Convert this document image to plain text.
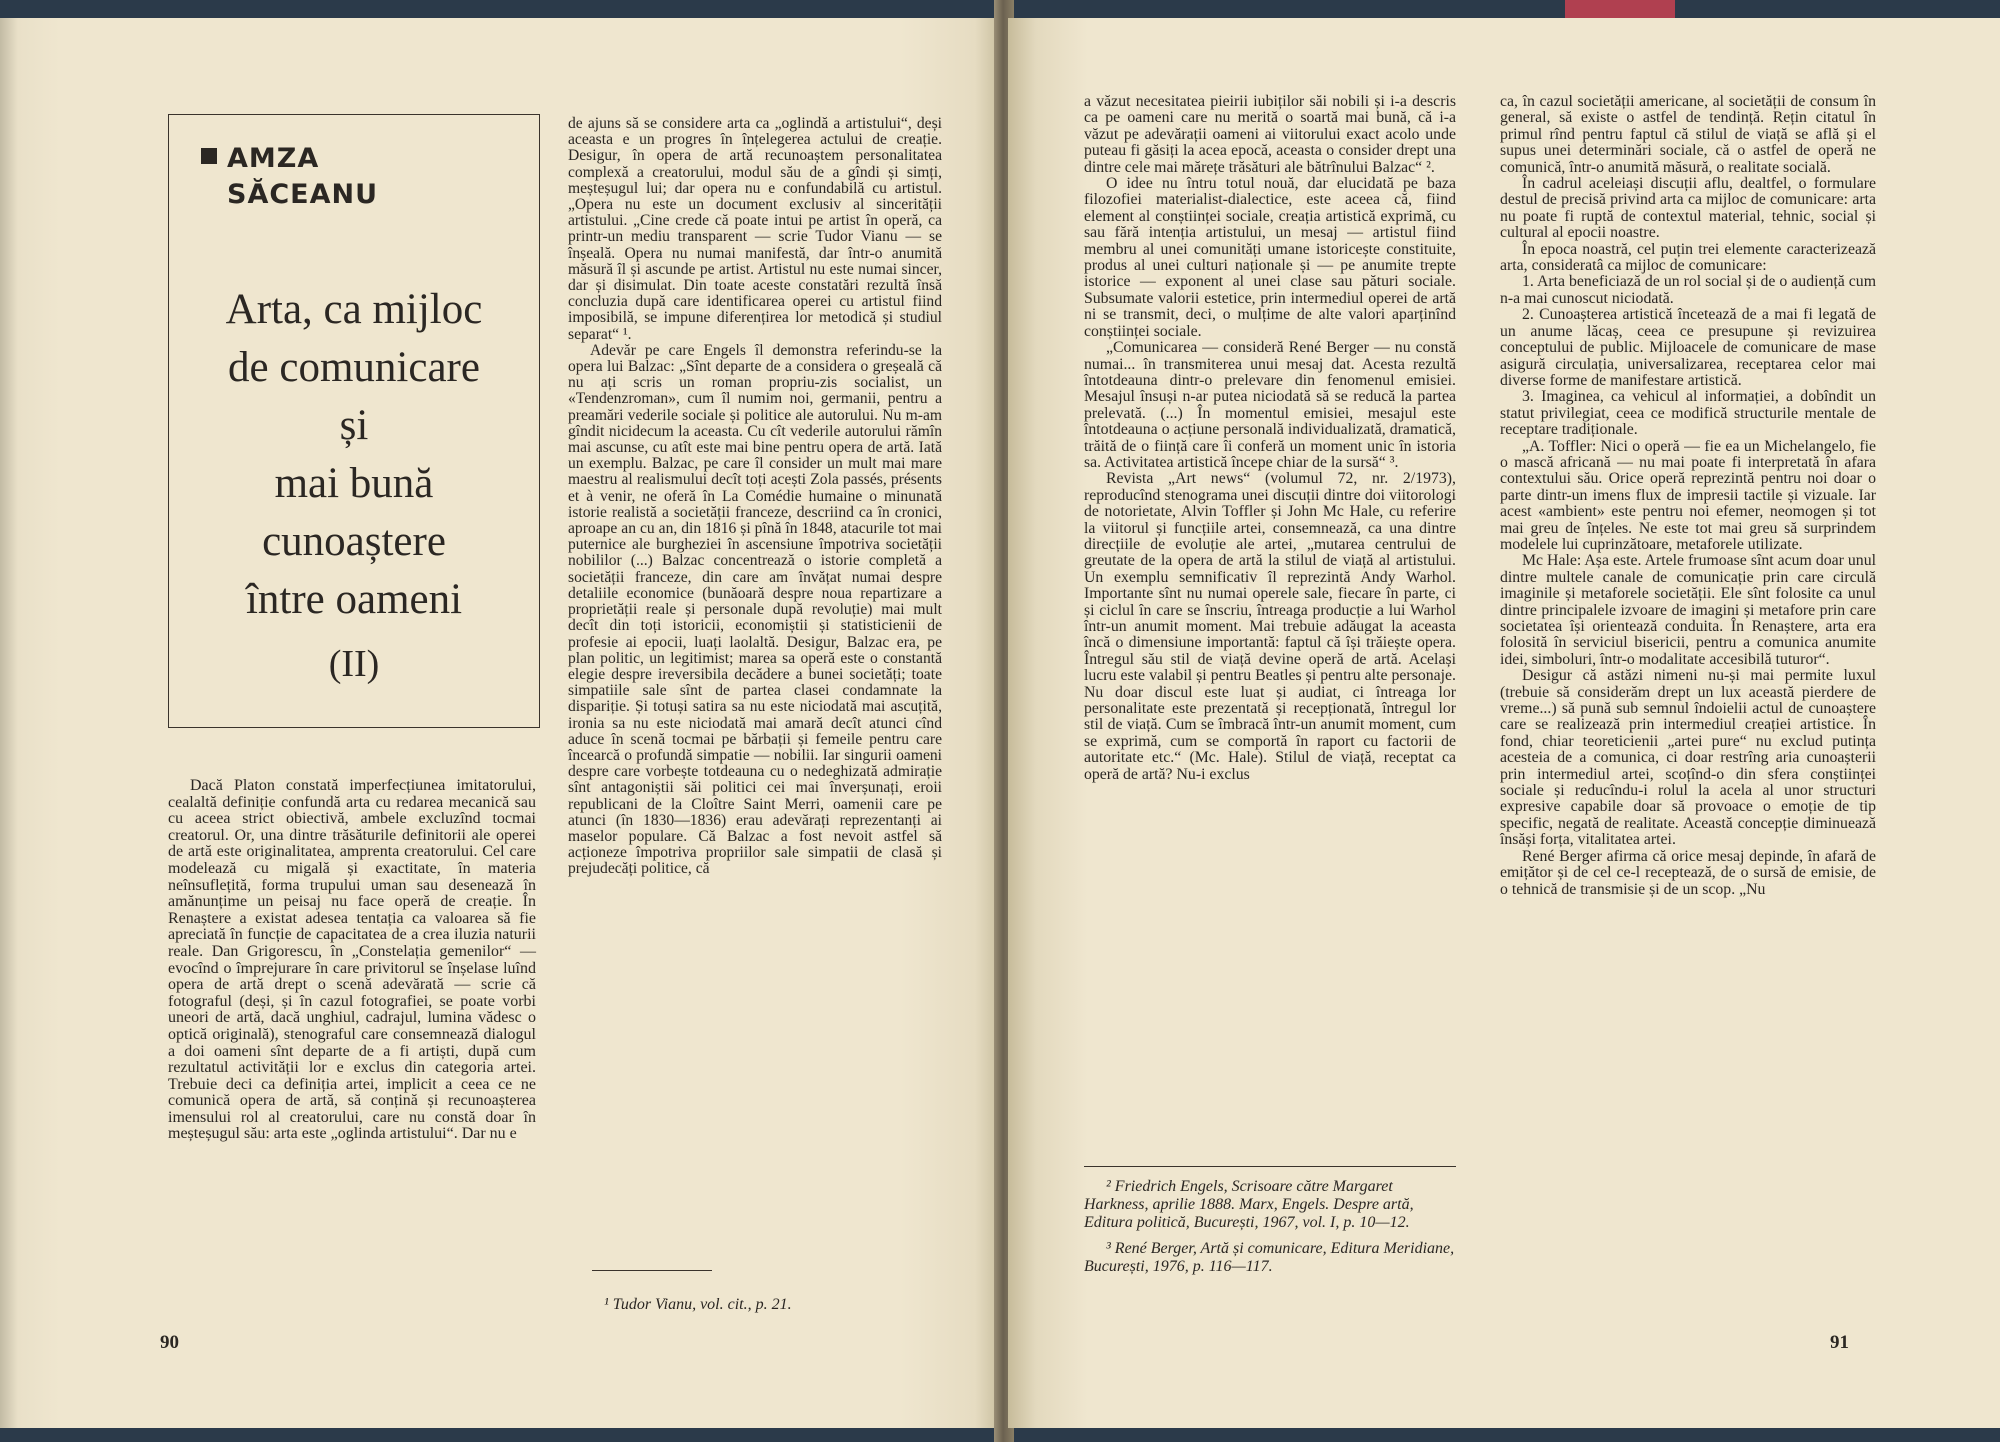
AMZA SĂCEANU
Arta, ca mijloc
de comunicare
și
mai bună
cunoaștere
între oameni
(II)

Dacă Platon constată imperfecțiunea imitatorului, cealaltă definiție confundă arta cu redarea mecanică sau cu aceea strict obiectivă, ambele excluzînd tocmai creatorul. Or, una dintre trăsăturile definitorii ale operei de artă este originalitatea, amprenta creatorului. Cel care modelează cu migală și exactitate, în materia neînsuflețită, forma trupului uman sau desenează în amănunțime un peisaj nu face operă de creație. În Renaștere a existat adesea tentația ca valoarea să fie apreciată în funcție de capacitatea de a crea iluzia naturii reale. Dan Grigorescu, în „Constelația gemenilor“ — evocînd o împrejurare în care privitorul se înșelase luînd opera de artă drept o scenă adevărată — scrie că fotograful (deși, și în cazul fotografiei, se poate vorbi uneori de artă, dacă unghiul, cadrajul, lumina vădesc o optică originală), stenograful care consemnează dialogul a doi oameni sînt departe de a fi artiști, după cum rezultatul activității lor e exclus din categoria artei. Trebuie deci ca definiția artei, implicit a ceea ce ne comunică opera de artă, să conțină și recunoașterea imensului rol al creatorului, care nu constă doar în meșteșugul său: arta este „oglinda artistului“. Dar nu e

de ajuns să se considere arta ca „oglindă a artistului“, deși aceasta e un progres în înțelegerea actului de creație. Desigur, în opera de artă recunoaștem personalitatea complexă a creatorului, modul său de a gîndi și simți, meșteșugul lui; dar opera nu e confundabilă cu artistul. „Opera nu este un document exclusiv al sincerității artistului. „Cine crede că poate intui pe artist în operă, ca printr-un mediu transparent — scrie Tudor Vianu — se înșeală. Opera nu numai manifestă, dar într-o anumită măsură îl și ascunde pe artist. Artistul nu este numai sincer, dar și disimulat. Din toate aceste constatări rezultă însă concluzia după care identificarea operei cu artistul fiind imposibilă, se impune diferențirea lor metodică și studiul separat“ ¹.

Adevăr pe care Engels îl demonstra referindu-se la opera lui Balzac: „Sînt departe de a considera o greșeală că nu ați scris un roman propriu-zis socialist, un «Tendenzroman», cum îl numim noi, germanii, pentru a preamări vederile sociale și politice ale autorului. Nu m-am gîndit nicidecum la aceasta. Cu cît vederile autorului rămîn mai ascunse, cu atît este mai bine pentru opera de artă. Iată un exemplu. Balzac, pe care îl consider un mult mai mare maestru al realismului decît toți acești Zola passés, présents et à venir, ne oferă în La Comédie humaine o minunată istorie realistă a societății franceze, descriind ca în cronici, aproape an cu an, din 1816 și pînă în 1848, atacurile tot mai puternice ale burgheziei în ascensiune împotriva societății nobililor (...) Balzac concentrează o istorie completă a societății franceze, din care am învățat numai despre detaliile economice (bunăoară despre noua repartizare a proprietății reale și personale după revoluție) mai mult decît din toți istoricii, economiștii și statisticienii de profesie ai epocii, luați laolaltă. Desigur, Balzac era, pe plan politic, un legitimist; marea sa operă este o constantă elegie despre ireversibila decădere a bunei societăți; toate simpatiile sale sînt de partea clasei condamnate la dispariție. Și totuși satira sa nu este niciodată mai ascuțită, ironia sa nu este niciodată mai amară decît atunci cînd aduce în scenă tocmai pe bărbații și femeile pentru care încearcă o profundă simpatie — nobilii. Iar singurii oameni despre care vorbește totdeauna cu o nedeghizată admirație sînt antagoniștii săi politici cei mai înverșunați, eroii republicani de la Cloître Saint Merri, oamenii care pe atunci (în 1830—1836) erau adevărați reprezentanți ai maselor populare. Că Balzac a fost nevoit astfel să acționeze împotriva propriilor sale simpatii de clasă și prejudecăți politice, că

¹ Tudor Vianu, vol. cit., p. 21.
90

a văzut necesitatea pieirii iubiților săi nobili și i-a descris ca pe oameni care nu merită o soartă mai bună, că i-a văzut pe adevărații oameni ai viitorului exact acolo unde puteau fi găsiți la acea epocă, aceasta o consider drept una dintre cele mai mărețe trăsături ale bătrînului Balzac“ ².

O idee nu întru totul nouă, dar elucidată pe baza filozofiei materialist-dialectice, este aceea că, fiind element al conștiinței sociale, creația artistică exprimă, cu sau fără intenția artistului, un mesaj — artistul fiind membru al unei comunități umane istoricește constituite, produs al unei culturi naționale și — pe anumite trepte istorice — exponent al unei clase sau pături sociale. Subsumate valorii estetice, prin intermediul operei de artă ni se transmit, deci, o mulțime de alte valori aparținînd conștiinței sociale.

„Comunicarea — consideră René Berger — nu constă numai... în transmiterea unui mesaj dat. Acesta rezultă întotdeauna dintr-o prelevare din fenomenul emisiei. Mesajul însuși n-ar putea niciodată să se reducă la partea prelevată. (...) În momentul emisiei, mesajul este întotdeauna o acțiune personală individualizată, dramatică, trăită de o ființă care îi conferă un moment unic în istoria sa. Activitatea artistică începe chiar de la sursă“ ³.

Revista „Art news“ (volumul 72, nr. 2/1973), reproducînd stenograma unei discuții dintre doi viitorologi de notorietate, Alvin Toffler și John Mc Hale, cu referire la viitorul și funcțiile artei, consemnează, ca una dintre direcțiile de evoluție ale artei, „mutarea centrului de greutate de la opera de artă la stilul de viață al artistului. Un exemplu semnificativ îl reprezintă Andy Warhol. Importante sînt nu numai operele sale, fiecare în parte, ci și ciclul în care se înscriu, întreaga producție a lui Warhol într-un anumit moment. Mai trebuie adăugat la aceasta încă o dimensiune importantă: faptul că își trăiește opera. Întregul său stil de viață devine operă de artă. Același lucru este valabil și pentru Beatles și pentru alte personaje. Nu doar discul este luat și audiat, ci întreaga lor personalitate este prezentată și recepționată, întregul lor stil de viață. Cum se îmbracă într-un anumit moment, cum se exprimă, cum se comportă în raport cu factorii de autoritate etc.“ (Mc. Hale). Stilul de viață, receptat ca operă de artă? Nu-i exclus

² Friedrich Engels, Scrisoare către Margaret Harkness, aprilie 1888. Marx, Engels. Despre artă, Editura politică, București, 1967, vol. I, p. 10—12.

³ René Berger, Artă și comunicare, Editura Meridiane, București, 1976, p. 116—117.

ca, în cazul societății americane, al societății de consum în general, să existe o astfel de tendință. Rețin citatul în primul rînd pentru faptul că stilul de viață se află și el supus unei determinări sociale, că o astfel de operă ne comunică, într-o anumită măsură, o realitate socială.

În cadrul aceleiași discuții aflu, dealtfel, o formulare destul de precisă privind arta ca mijloc de comunicare: arta nu poate fi ruptă de contextul material, tehnic, social și cultural al epocii noastre.

În epoca noastră, cel puțin trei elemente caracterizează arta, consideratâ ca mijloc de comunicare:

1. Arta beneficiază de un rol social și de o audiență cum n-a mai cunoscut niciodată.

2. Cunoașterea artistică încetează de a mai fi legată de un anume lăcaș, ceea ce presupune și revizuirea conceptului de public. Mijloacele de comunicare de mase asigură circulația, universalizarea, receptarea celor mai diverse forme de manifestare artistică.

3. Imaginea, ca vehicul al informației, a dobîndit un statut privilegiat, ceea ce modifică structurile mentale de receptare tradiționale.

„A. Toffler: Nici o operă — fie ea un Michelangelo, fie o mască africană — nu mai poate fi interpretată în afara contextului său. Orice operă reprezintă pentru noi doar o parte dintr-un imens flux de impresii tactile și vizuale. Iar acest «ambient» este pentru noi efemer, neomogen și tot mai greu de înțeles. Ne este tot mai greu să surprindem modelele lui cuprinzătoare, metaforele utilizate.

Mc Hale: Așa este. Artele frumoase sînt acum doar unul dintre multele canale de comunicație prin care circulă imaginile și metaforele societății. Ele sînt folosite ca unul dintre principalele izvoare de imagini și metafore prin care societatea își orientează conduita. În Renaștere, arta era folosită în serviciul bisericii, pentru a comunica anumite idei, simboluri, într-o modalitate accesibilă tuturor“.

Desigur că astăzi nimeni nu-și mai permite luxul (trebuie să considerăm drept un lux această pierdere de vreme...) să pună sub semnul îndoielii actul de cunoaștere care se realizează prin intermediul creației artistice. În fond, chiar teoreticienii „artei pure“ nu exclud putința acesteia de a comunica, ci doar restrîng aria cunoașterii prin intermediul artei, scoțînd-o din sfera conștiinței sociale și reducîndu-i rolul la acela al unor structuri expresive capabile doar să provoace o emoție de tip specific, negată de realitate. Această concepție diminuează însăși forța, vitalitatea artei.

René Berger afirma că orice mesaj depinde, în afară de emițător și de cel ce-l receptează, de o sursă de emisie, de o tehnică de transmisie și de un scop. „Nu

91
